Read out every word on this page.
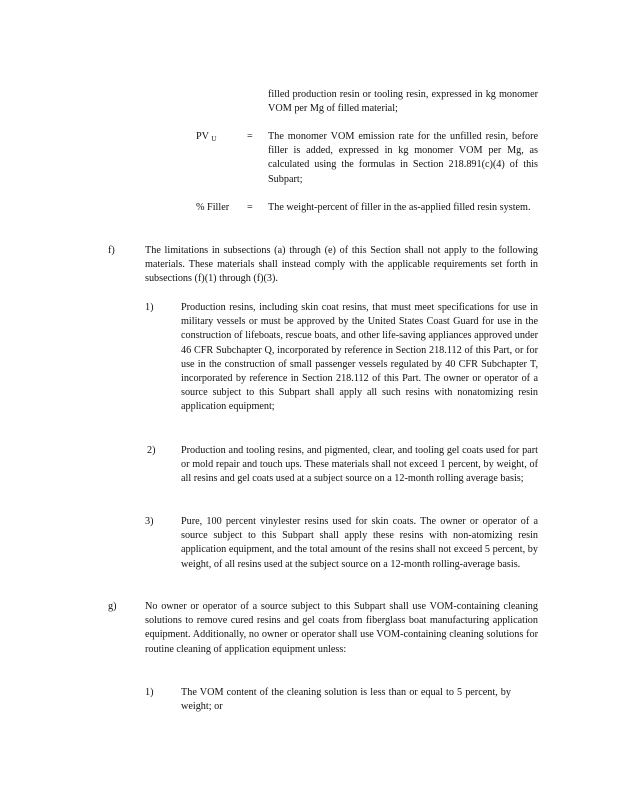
filled production resin or tooling resin, expressed in kg monomer VOM per Mg of filled material;
PV $_U$	= The monomer VOM emission rate for the unfilled resin, before filler is added, expressed in kg monomer VOM per Mg, as calculated using the formulas in Section 218.891(c)(4) of this Subpart;
% Filler = The weight-percent of filler in the as-applied filled resin system.
f)	The limitations in subsections (a) through (e) of this Section shall not apply to the following materials. These materials shall instead comply with the applicable requirements set forth in subsections (f)(1) through (f)(3).
1)	Production resins, including skin coat resins, that must meet specifications for use in military vessels or must be approved by the United States Coast Guard for use in the construction of lifeboats, rescue boats, and other life-saving appliances approved under 46 CFR Subchapter Q, incorporated by reference in Section 218.112 of this Part, or for use in the construction of small passenger vessels regulated by 40 CFR Subchapter T, incorporated by reference in Section 218.112 of this Part. The owner or operator of a source subject to this Subpart shall apply all such resins with nonatomizing resin application equipment;
2)	Production and tooling resins, and pigmented, clear, and tooling gel coats used for part or mold repair and touch ups. These materials shall not exceed 1 percent, by weight, of all resins and gel coats used at a subject source on a 12-month rolling average basis;
3)	Pure, 100 percent vinylester resins used for skin coats. The owner or operator of a source subject to this Subpart shall apply these resins with non-atomizing resin application equipment, and the total amount of the resins shall not exceed 5 percent, by weight, of all resins used at the subject source on a 12-month rolling-average basis.
g)	No owner or operator of a source subject to this Subpart shall use VOM-containing cleaning solutions to remove cured resins and gel coats from fiberglass boat manufacturing application equipment. Additionally, no owner or operator shall use VOM-containing cleaning solutions for routine cleaning of application equipment unless:
1)	The VOM content of the cleaning solution is less than or equal to 5 percent, by weight; or
